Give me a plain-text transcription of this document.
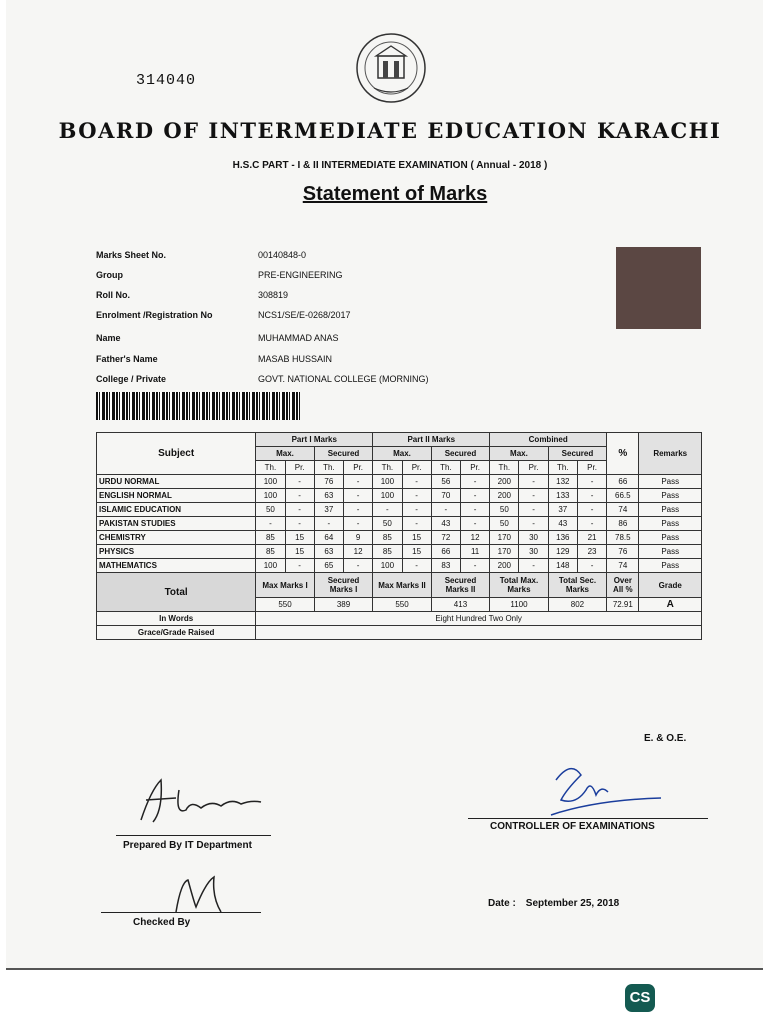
314040
BOARD OF INTERMEDIATE EDUCATION KARACHI
H.S.C PART - I & II INTERMEDIATE EXAMINATION ( Annual - 2018 )
Statement of Marks
Marks Sheet No.	00140848-0
Group	PRE-ENGINEERING
Roll No.	308819
Enrolment /Registration No	NCS1/SE/E-0268/2017
Name	MUHAMMAD ANAS
Father's Name	MASAB HUSSAIN
College / Private	GOVT. NATIONAL COLLEGE (MORNING)
Subject	Part I Marks				Part II Marks				Combined				%	Remarks
	Max.		Secured		Max.		Secured		Max.		Secured			
	Th.	Pr.	Th.	Pr.	Th.	Pr.	Th.	Pr.	Th.	Pr.	Th.	Pr.		
URDU NORMAL	100	-	76	-	100	-	56	-	200	-	132	-	66	Pass
ENGLISH NORMAL	100	-	63	-	100	-	70	-	200	-	133	-	66.5	Pass
ISLAMIC EDUCATION	50	-	37	-	-	-	-	-	50	-	37	-	74	Pass
PAKISTAN STUDIES	-	-	-	-	50	-	43	-	50	-	43	-	86	Pass
CHEMISTRY	85	15	64	9	85	15	72	12	170	30	136	21	78.5	Pass
PHYSICS	85	15	63	12	85	15	66	11	170	30	129	23	76	Pass
MATHEMATICS	100	-	65	-	100	-	83	-	200	-	148	-	74	Pass
Total	Max Marks I		Secured Marks I		Max Marks II		Secured Marks II		Total Max. Marks		Total Sec. Marks		Over All %	Grade
	550		389		550		413		1100		802		72.91	A
In Words	Eight Hundred Two Only													
Grace/Grade Raised														
E. & O.E.
Prepared By IT Department
CONTROLLER OF EXAMINATIONS
Checked By
Date : September 25, 2018
CS
